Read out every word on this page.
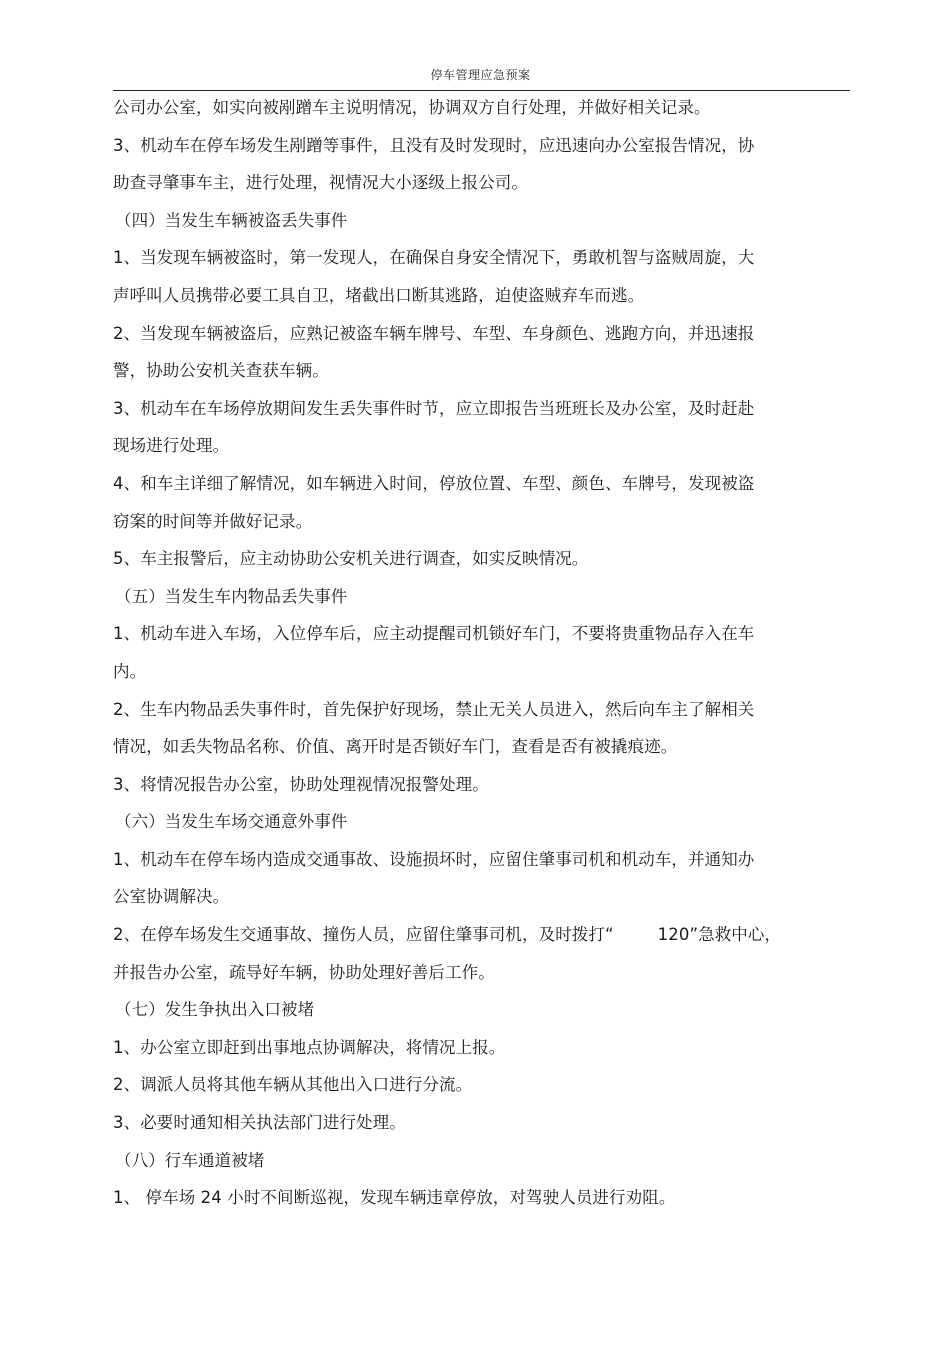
停车管理应急预案
公司办公室，如实向被剐蹭车主说明情况，协调双方自行处理，并做好相关记录。
3、机动车在停车场发生剐蹭等事件，且没有及时发现时，应迅速向办公室报告情况，协
助查寻肇事车主，进行处理，视情况大小逐级上报公司。
（四）当发生车辆被盗丢失事件
1、当发现车辆被盗时，第一发现人，在确保自身安全情况下，勇敢机智与盗贼周旋，大
声呼叫人员携带必要工具自卫，堵截出口断其逃路，迫使盗贼弃车而逃。
2、当发现车辆被盗后，应熟记被盗车辆车牌号、车型、车身颜色、逃跑方向，并迅速报
警，协助公安机关查获车辆。
3、机动车在车场停放期间发生丢失事件时节，应立即报告当班班长及办公室，及时赶赴
现场进行处理。
4、和车主详细了解情况，如车辆进入时间，停放位置、车型、颜色、车牌号，发现被盗
窃案的时间等并做好记录。
5、车主报警后，应主动协助公安机关进行调查，如实反映情况。
（五）当发生车内物品丢失事件
1、机动车进入车场，入位停车后，应主动提醒司机锁好车门，不要将贵重物品存入在车
内。
2、生车内物品丢失事件时，首先保护好现场，禁止无关人员进入，然后向车主了解相关
情况，如丢失物品名称、价值、离开时是否锁好车门，查看是否有被撬痕迹。
3、将情况报告办公室，协助处理视情况报警处理。
（六）当发生车场交通意外事件
1、机动车在停车场内造成交通事故、设施损坏时，应留住肇事司机和机动车，并通知办
公室协调解决。
2、在停车场发生交通事故、撞伤人员，应留住肇事司机，及时拨打“	120”急救中心，
并报告办公室，疏导好车辆，协助处理好善后工作。
（七）发生争执出入口被堵
1、办公室立即赶到出事地点协调解决，将情况上报。
2、调派人员将其他车辆从其他出入口进行分流。
3、必要时通知相关执法部门进行处理。
（八）行车通道被堵
1、 停车场 24 小时不间断巡视，发现车辆违章停放，对驾驶人员进行劝阻。
